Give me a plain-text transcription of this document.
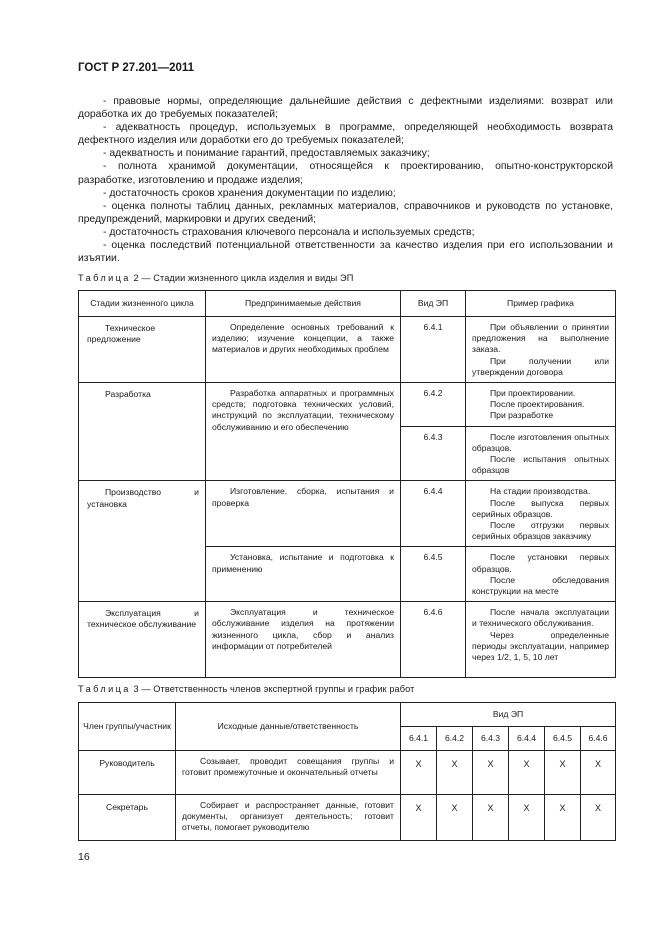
ГОСТ Р 27.201—2011

- правовые нормы, определяющие дальнейшие действия с дефектными изделиями: возврат или доработка их до требуемых показателей;

- адекватность процедур, используемых в программе, определяющей необходимость возврата дефектного изделия или доработки его до требуемых показателей;

- адекватность и понимание гарантий, предоставляемых заказчику;

- полнота хранимой документации, относящейся к проектированию, опытно-конструкторской разработке, изготовлению и продаже изделия;

- достаточность сроков хранения документации по изделию;

- оценка полноты таблиц данных, рекламных материалов, справочников и руководств по установке, предупреждений, маркировки и других сведений;

- достаточность страхования ключевого персонала и используемых средств;

- оценка последствий потенциальной ответственности за качество изделия при его использовании и изъятии.

Таблица 2 — Стадии жизненного цикла изделия и виды ЭП
Стадии жизненного цикла	Предпринимаемые действия	Вид ЭП	Пример графика
Техническое предложение	Определение основных требований к изделию; изучение концепции, а также материалов и других необходимых проблем	6.4.1	При объявлении о принятии предложения на выполнение заказа.
При получении или утверждении договора

Разработка	Разработка аппаратных и программных средств; подготовка технических условий, инструкций по эксплуатации, техническому обслуживанию и его обеспечению	6.4.2	При проектировании.
После проектирования.
При разработке

		6.4.3	После изготовления опытных образцов.
После испытания опытных образцов

Производство и установка	Изготовление, сборка, испытания и проверка	6.4.4	На стадии производства.
После выпуска первых серийных образцов.
После отгрузки первых серийных образцов заказчику

	Установка, испытание и подготовка к применению	6.4.5	После установки первых образцов.
После обследования конструкции на месте

Эксплуатация и техническое обслуживание	Эксплуатация и техническое обслуживание изделия на протяжении жизненного цикла, сбор и анализ информации от потребителей	6.4.6	После начала эксплуатации и технического обслуживания.
Через определенные периоды эксплуатации, например через 1/2, 1, 5, 10 лет
Таблица 3 — Ответственность членов экспертной группы и график работ
Член группы/участник	Исходные данные/ответственность	Вид ЭП					
		6.4.1	6.4.2	6.4.3	6.4.4	6.4.5	6.4.6
Руководитель	Созывает, проводит совещания группы и готовит промежуточные и окончательный отчеты	X	X	X	X	X	X
Секретарь	Собирает и распространяет данные, готовит документы, организует деятельность; готовит отчеты, помогает руководителю	X	X	X	X	X	X
16
